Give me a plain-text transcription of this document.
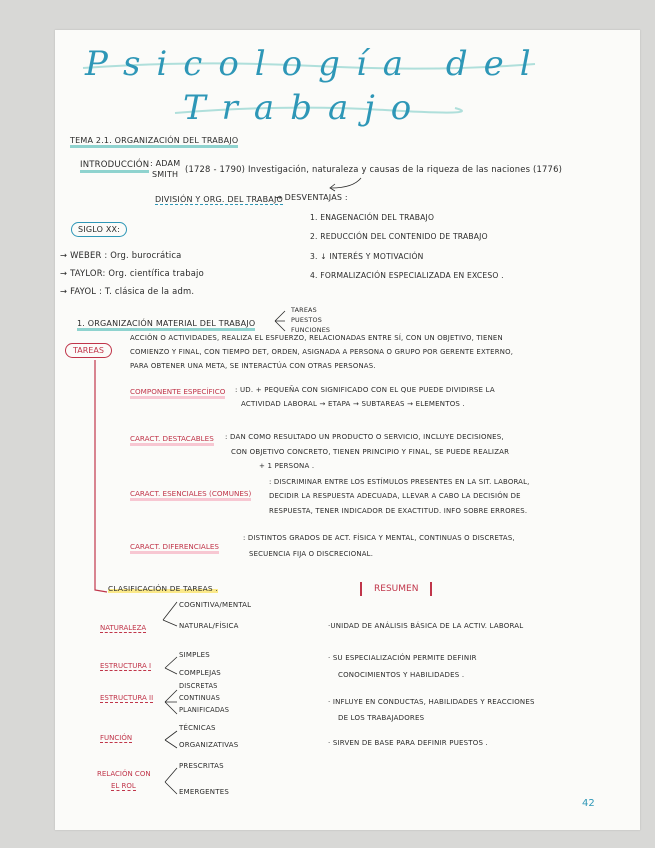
Psicología del
Trabajo
TEMA 2.1. ORGANIZACIÓN DEL TRABAJO
INTRODUCCIÓN : ADAM
SMITH
(1728 - 1790) Investigación, naturaleza y causas de la riqueza de las naciones (1776)
DIVISIÓN Y ORG. DEL TRABAJO
→ DESVENTAJAS :
1. ENAGENACIÓN DEL TRABAJO
2. REDUCCIÓN DEL CONTENIDO DE TRABAJO
3. ↓ INTERÉS Y MOTIVACIÓN
4. FORMALIZACIÓN ESPECIALIZADA EN EXCESO .
SIGLO XX:
→ WEBER : Org. burocrática
→ TAYLOR: Org. científica trabajo
→ FAYOL : T. clásica de la adm.
1. ORGANIZACIÓN MATERIAL DEL TRABAJO
TAREAS
PUESTOS
FUNCIONES
TAREAS
ACCIÓN O ACTIVIDADES, REALIZA EL ESFUERZO, RELACIONADAS ENTRE SÍ, CON UN OBJETIVO, TIENEN
COMIENZO Y FINAL, CON TIEMPO DET, ORDEN, ASIGNADA A PERSONA O GRUPO POR GERENTE EXTERNO,
PARA OBTENER UNA META, SE INTERACTÚA CON OTRAS PERSONAS.
COMPONENTE ESPECÍFICO : UD. + PEQUEÑA CON SIGNIFICADO CON EL QUE PUEDE DIVIDIRSE LA
ACTIVIDAD LABORAL → ETAPA → SUBTAREAS → ELEMENTOS .
CARACT. DESTACABLES : DAN COMO RESULTADO UN PRODUCTO O SERVICIO, INCLUYE DECISIONES,
CON OBJETIVO CONCRETO, TIENEN PRINCIPIO Y FINAL, SE PUEDE REALIZAR
+ 1 PERSONA .
CARACT. ESENCIALES (COMUNES)
: DISCRIMINAR ENTRE LOS ESTÍMULOS PRESENTES EN LA SIT. LABORAL,
DECIDIR LA RESPUESTA ADECUADA, LLEVAR A CABO LA DECISIÓN DE
RESPUESTA, TENER INDICADOR DE EXACTITUD. INFO SOBRE ERRORES.
CARACT. DIFERENCIALES
: DISTINTOS GRADOS DE ACT. FÍSICA Y MENTAL, CONTINUAS O DISCRETAS,
SECUENCIA FIJA O DISCRECIONAL.
CLASIFICACIÓN DE TAREAS .
NATURALEZA
COGNITIVA/MENTAL
NATURAL/FÍSICA
ESTRUCTURA I
SIMPLES
COMPLEJAS
ESTRUCTURA II
DISCRETAS
CONTINUAS
PLANIFICADAS
FUNCIÓN
TÉCNICAS
ORGANIZATIVAS
RELACIÓN CON
EL ROL
PRESCRITAS
EMERGENTES
RESUMEN
·UNIDAD DE ANÁLISIS BÁSICA DE LA ACTIV. LABORAL
· SU ESPECIALIZACIÓN PERMITE DEFINIR
CONOCIMIENTOS Y HABILIDADES .
· INFLUYE EN CONDUCTAS, HABILIDADES Y REACCIONES
DE LOS TRABAJADORES
· SIRVEN DE BASE PARA DEFINIR PUESTOS .
42
